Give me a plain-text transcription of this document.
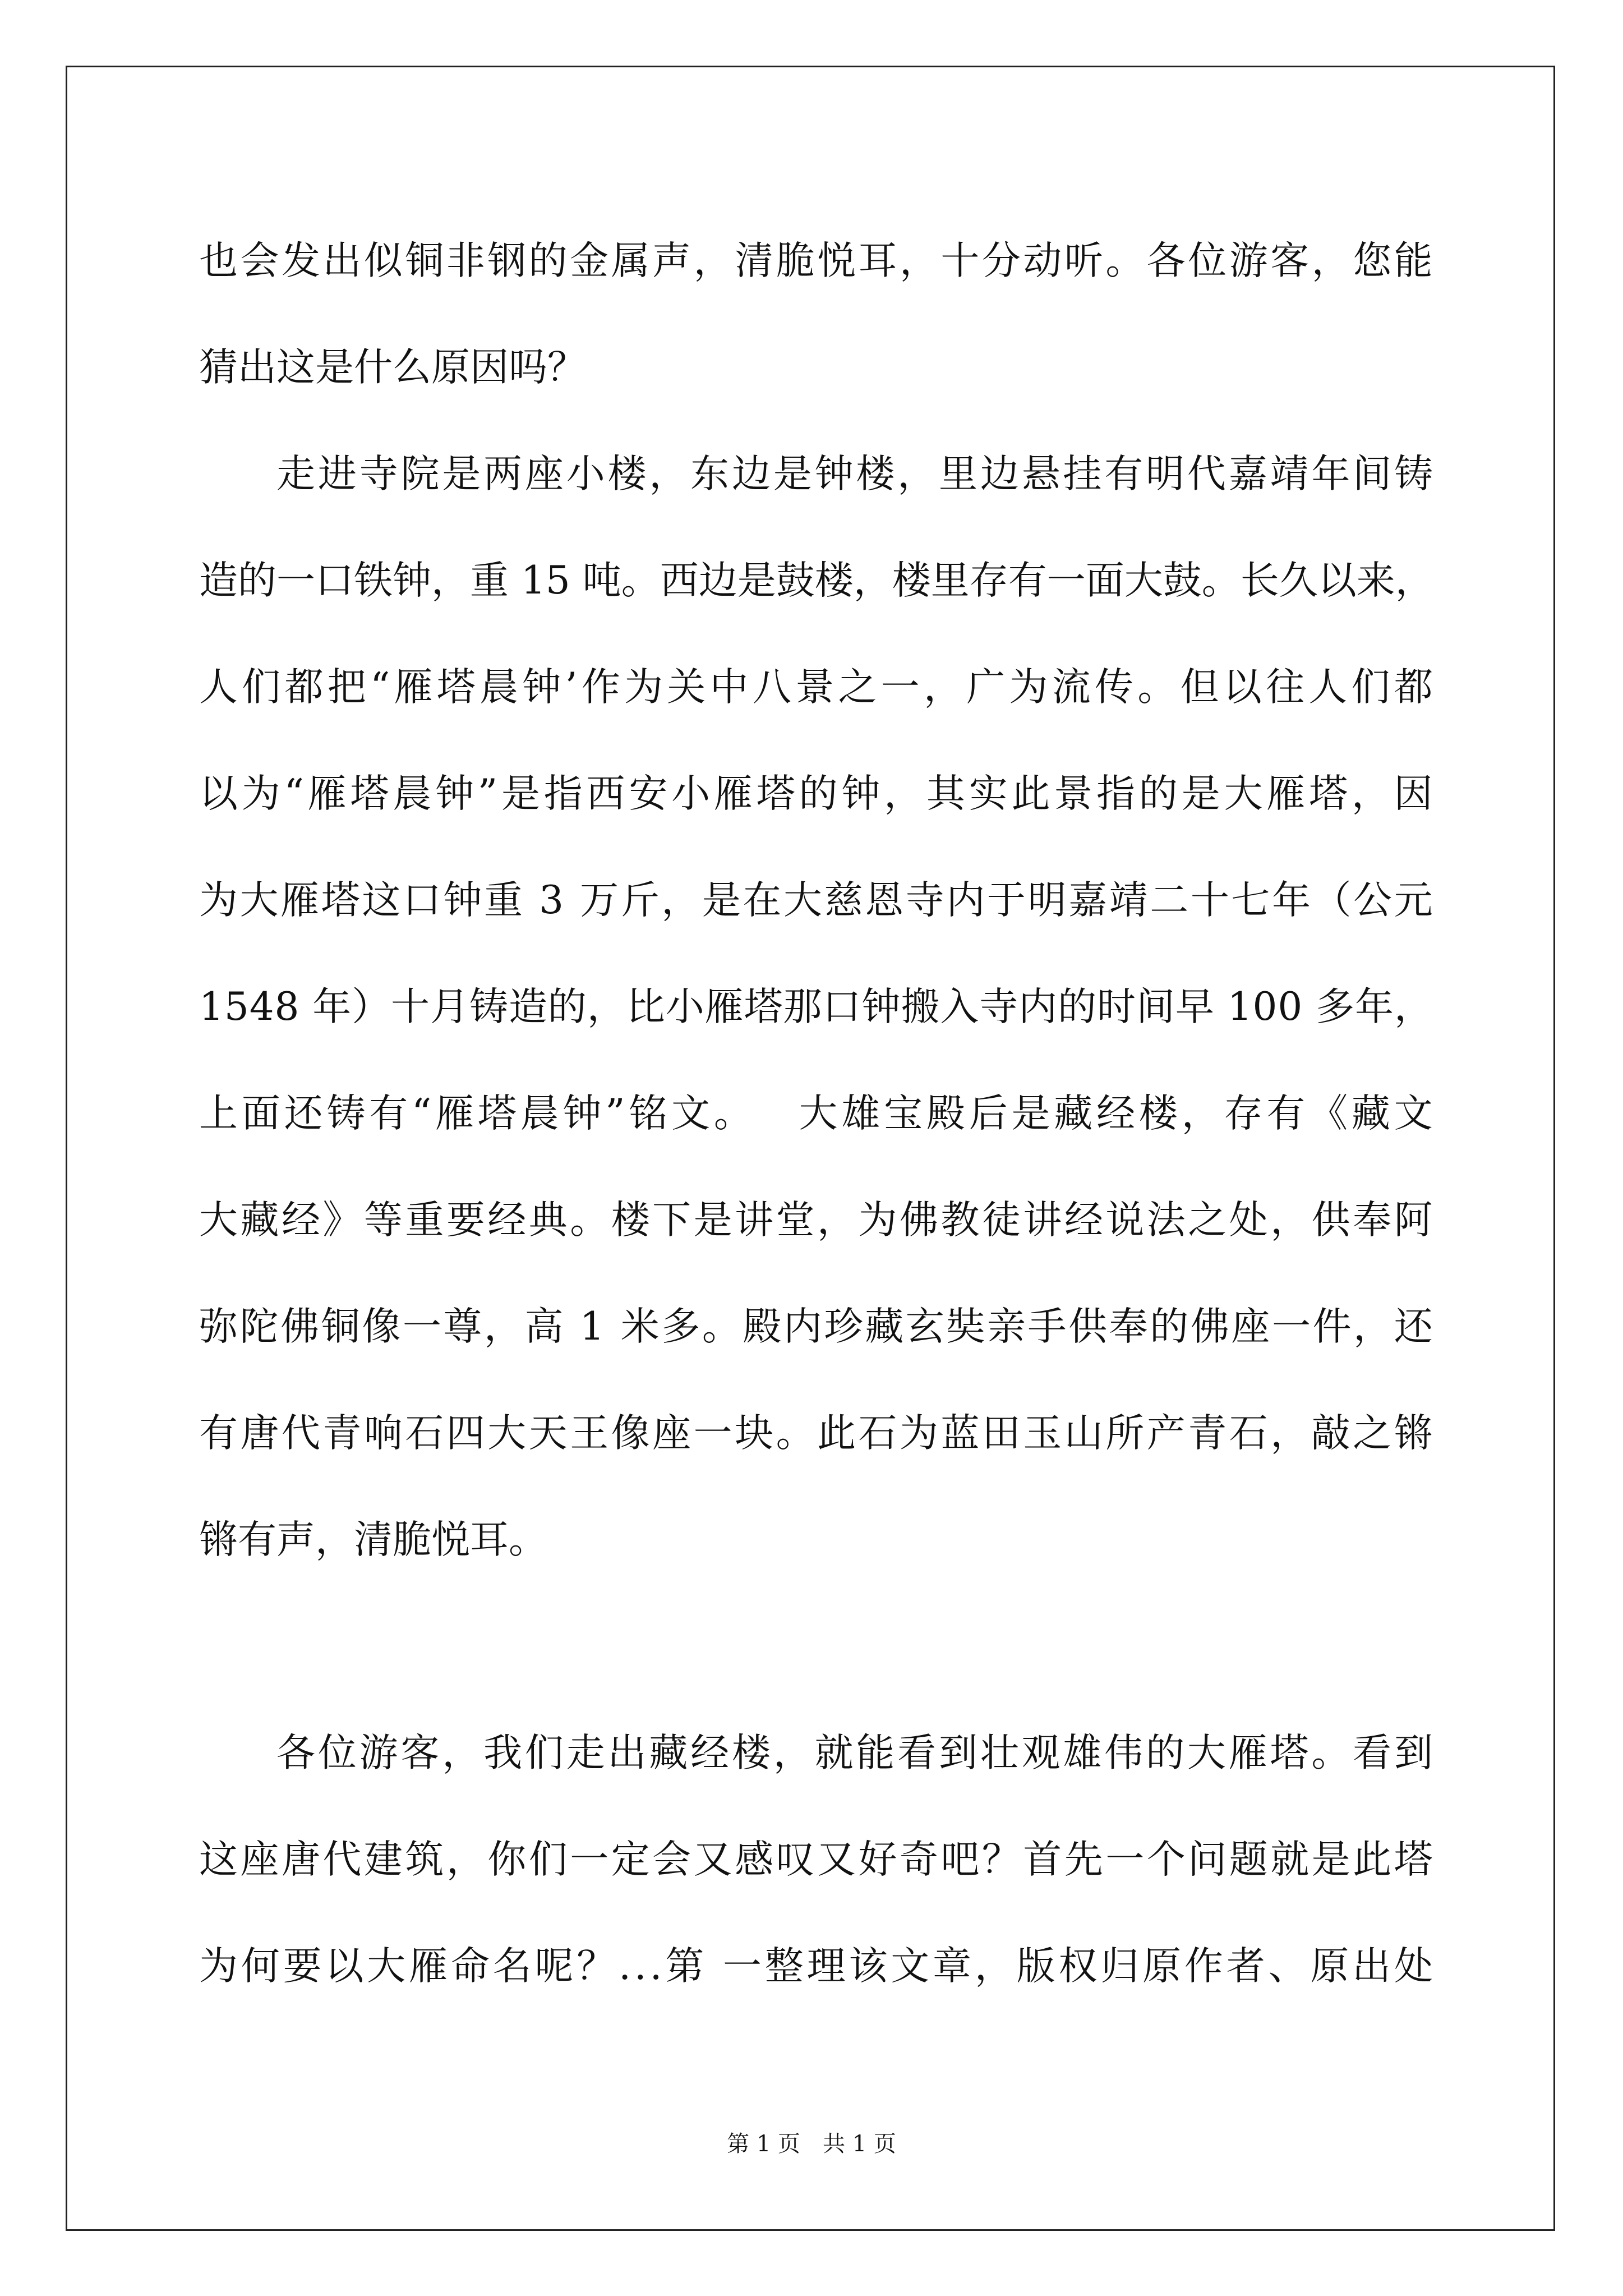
也 会 发 出 似 铜 非 钢 的 金 属 声 ， 清 脆 悦 耳 ， 十 分 动 听 。 各 位 游 客 ， 您 能
猜出这是什么原因吗？
走 进 寺 院 是 两 座 小 楼 ， 东 边 是 钟 楼 ， 里 边 悬 挂 有 明 代 嘉 靖 年 间 铸
造 的 一 口 铁 钟 ， 重
1 5
吨 。 西 边 是 鼓 楼 ， 楼 里 存 有 一 面 大 鼓 。 长 久 以 来 ，
人 们 都 把 “ 雁 塔 晨 钟 ’ 作 为 关 中 八 景 之 一 ， 广 为 流 传 。 但 以 往 人 们 都
以 为 “ 雁 塔 晨 钟 ” 是 指 西 安 小 雁 塔 的 钟 ， 其 实 此 景 指 的 是 大 雁 塔 ， 因
为 大 雁 塔 这 口 钟 重
3
万 斤 ， 是 在 大 慈 恩 寺 内 于 明 嘉 靖 二 十 七 年 （ 公 元
1 5 4 8
年 ） 十 月 铸 造 的 ， 比 小 雁 塔 那 口 钟 搬 入 寺 内 的 时 间 早
1 0 0
多 年 ，
上 面 还 铸 有 “ 雁 塔 晨 钟 ” 铭 文 。
　 大 雄 宝 殿 后 是 藏 经 楼 ， 存 有 《 藏 文
大 藏 经 》 等 重 要 经 典 。 楼 下 是 讲 堂 ， 为 佛 教 徒 讲 经 说 法 之 处 ， 供 奉 阿
弥 陀 佛 铜 像 一 尊 ， 高
1
米 多 。 殿 内 珍 藏 玄 奘 亲 手 供 奉 的 佛 座 一 件 ， 还
有 唐 代 青 响 石 四 大 天 王 像 座 一 块 。 此 石 为 蓝 田 玉 山 所 产 青 石 ， 敲 之 锵
锵有声，清脆悦耳。
各 位 游 客 ， 我 们 走 出 藏 经 楼 ， 就 能 看 到 壮 观 雄 伟 的 大 雁 塔 。 看 到
这 座 唐 代 建 筑 ， 你 们 一 定 会 又 感 叹 又 好 奇 吧 ？ 首 先 一 个 问 题 就 是 此 塔
为 何 要 以 大 雁 命 名 呢 ？ . . . 第
一 整 理 该 文 章 ， 版 权 归 原 作 者 、 原 出 处
第 1 页 共 1 页
